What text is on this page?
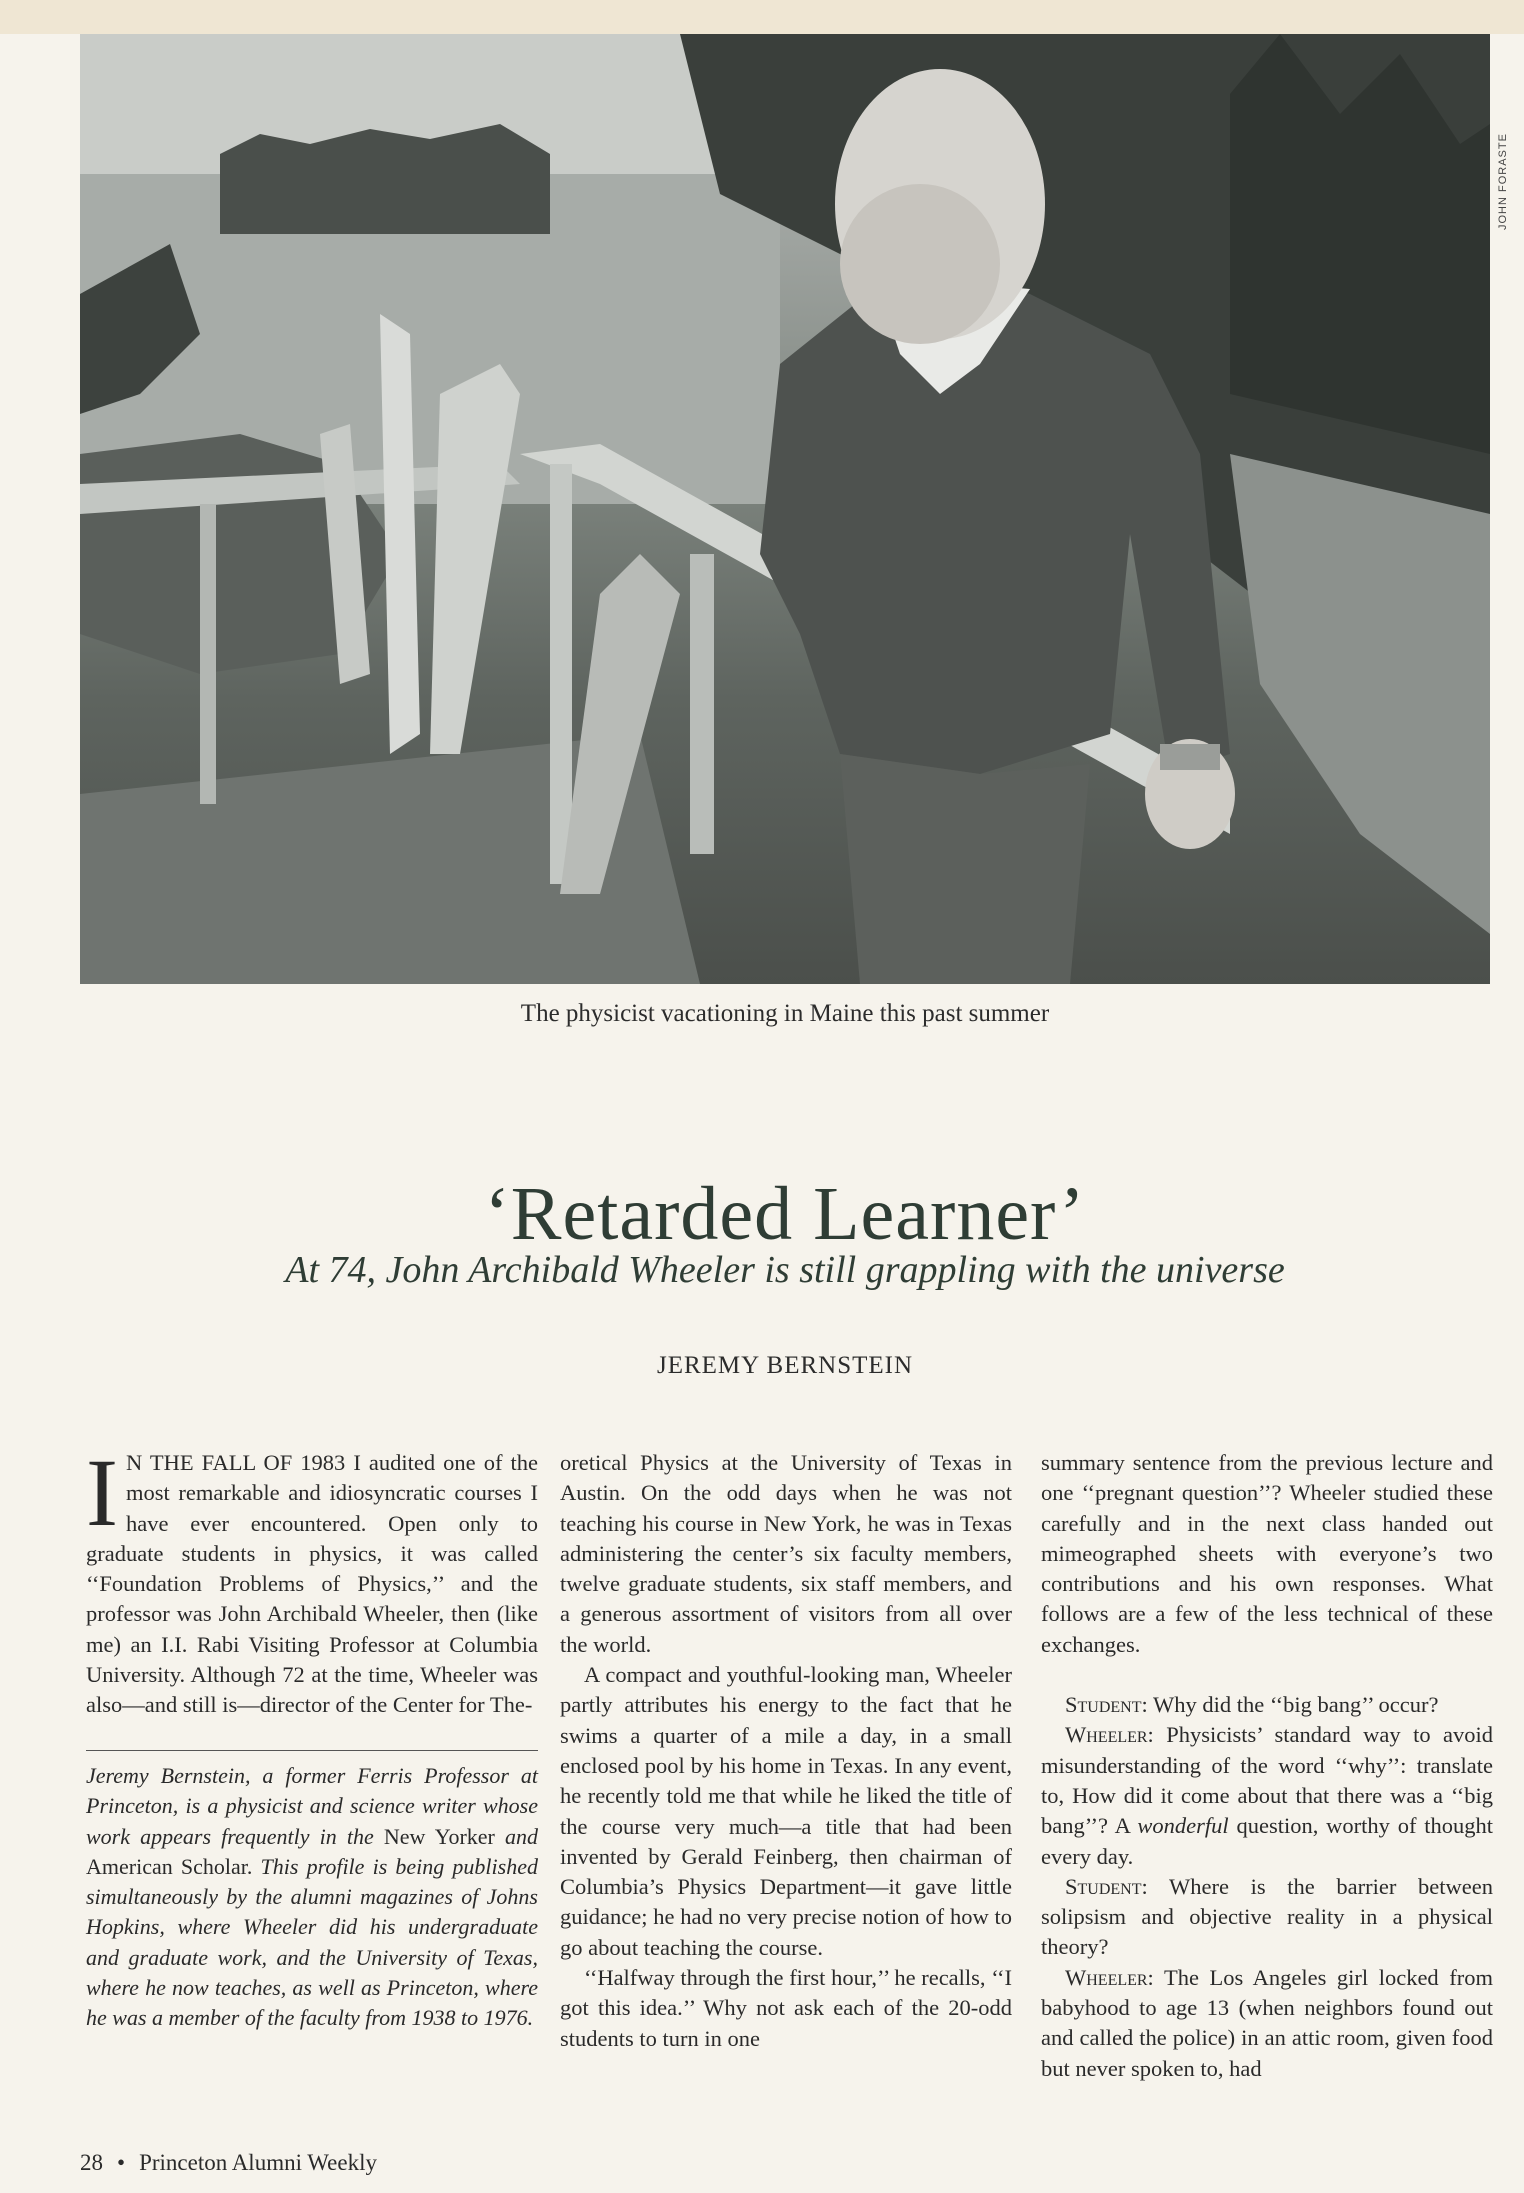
JOHN FORASTE
The physicist vacationing in Maine this past summer
‘Retarded Learner’
At 74, John Archibald Wheeler is still grappling with the universe
JEREMY BERNSTEIN

I N THE FALL OF 1983 I audited one of the most remarkable and idiosyncratic courses I have ever encountered. Open only to graduate students in physics, it was called ‘‘Foundation Problems of Physics,’’ and the professor was John Archibald Wheeler, then (like me) an I.I. Rabi Visiting Professor at Columbia University. Although 72 at the time, Wheeler was also—and still is—director of the Center for The-

Jeremy Bernstein, a former Ferris Professor at Princeton, is a physicist and science writer whose work appears frequently in the New Yorker and American Scholar. This profile is being published simultaneously by the alumni magazines of Johns Hopkins, where Wheeler did his undergraduate and graduate work, and the University of Texas, where he now teaches, as well as Princeton, where he was a member of the faculty from 1938 to 1976.

oretical Physics at the University of Texas in Austin. On the odd days when he was not teaching his course in New York, he was in Texas administering the center’s six faculty members, twelve graduate students, six staff members, and a generous assortment of visitors from all over the world.

A compact and youthful-looking man, Wheeler partly attributes his energy to the fact that he swims a quarter of a mile a day, in a small enclosed pool by his home in Texas. In any event, he recently told me that while he liked the title of the course very much—a title that had been invented by Gerald Feinberg, then chairman of Columbia’s Physics Department—it gave little guidance; he had no very precise notion of how to go about teaching the course.

‘‘Halfway through the first hour,’’ he recalls, ‘‘I got this idea.’’ Why not ask each of the 20-odd students to turn in one

summary sentence from the previous lecture and one ‘‘pregnant question’’? Wheeler studied these carefully and in the next class handed out mimeographed sheets with everyone’s two contributions and his own responses. What follows are a few of the less technical of these exchanges.

Student: Why did the ‘‘big bang’’ occur?

Wheeler: Physicists’ standard way to avoid misunderstanding of the word ‘‘why’’: translate to, How did it come about that there was a ‘‘big bang’’? A wonderful question, worthy of thought every day.

Student: Where is the barrier between solipsism and objective reality in a physical theory?

Wheeler: The Los Angeles girl locked from babyhood to age 13 (when neighbors found out and called the police) in an attic room, given food but never spoken to, had

28 • Princeton Alumni Weekly
